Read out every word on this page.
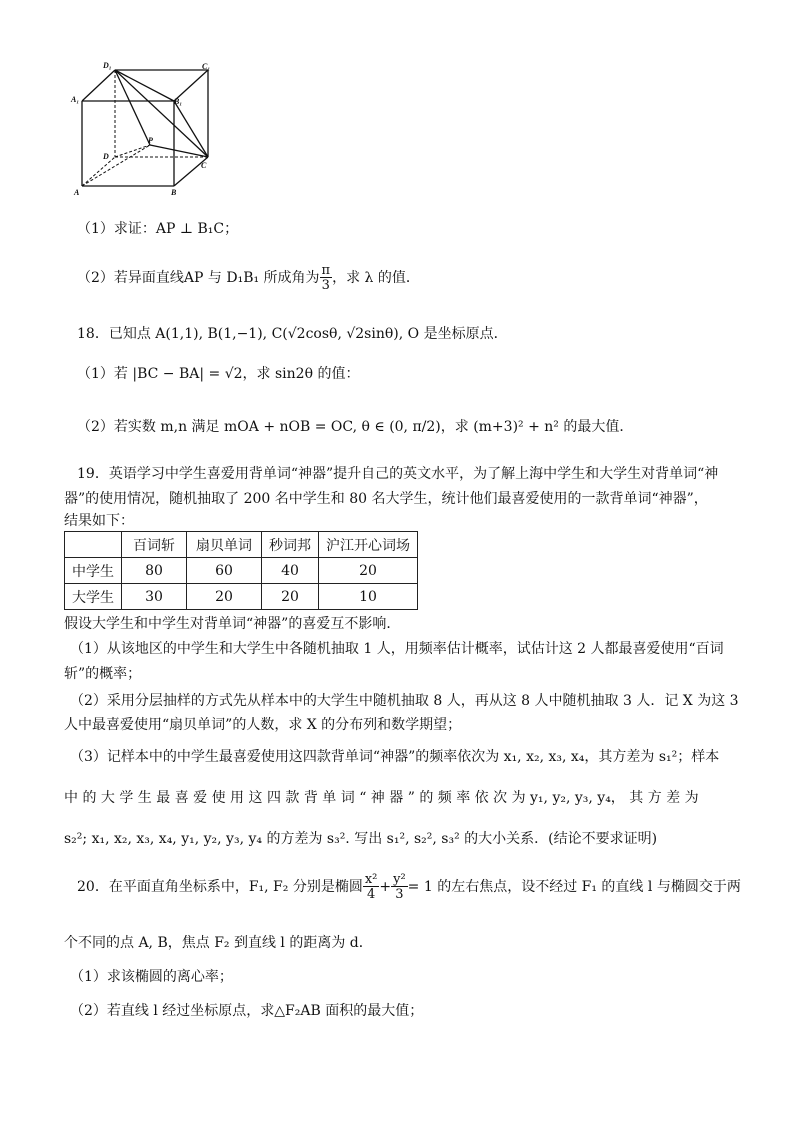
D₁	C₁
A₁	B₁
D
C
A	B
P
（1）求证：AP ⊥ B₁C；
（2）若异面直线AP 与 D₁B₁ 所成角为 $\frac{\pi}{3}$ ，求 λ 的值．
18．已知点 A(1,1), B(1,−1), C(√2cosθ, √2sinθ), O 是坐标原点．
（1）若 |BC − BA| = √2，求 sin2θ 的值：
（2）若实数 m,n 满足 mOA + nOB = OC, θ ∈ (0, π/2)，求 (m+3)² + n² 的最大值．
19．英语学习中学生喜爱用背单词“神器”提升自己的英文水平，为了解上海中学生和大学生对背单词“神
器”的使用情况，随机抽取了 200 名中学生和 80 名大学生，统计他们最喜爱使用的一款背单词“神器”，
结果如下：
	百词斩	扇贝单词	秒词邦	沪江开心词场
中学生	80	60	40	20
大学生	30	20	20	10
假设大学生和中学生对背单词“神器”的喜爱互不影响．
（1）从该地区的中学生和大学生中各随机抽取 1 人，用频率估计概率，试估计这 2 人都最喜爱使用“百词
斩”的概率；
（2）采用分层抽样的方式先从样本中的大学生中随机抽取 8 人，再从这 8 人中随机抽取 3 人．记 X 为这 3
人中最喜爱使用“扇贝单词”的人数，求 X 的分布列和数学期望；
（3）记样本中的中学生最喜爱使用这四款背单词“神器”的频率依次为 x₁, x₂, x₃, x₄，其方差为 s₁²；样本
中 的 大 学 生 最 喜 爱 使 用 这 四 款 背 单 词 “ 神 器 ” 的 频 率 依 次 为 y₁, y₂, y₃, y₄， 其 方 差 为
s₂²; x₁, x₂, x₃, x₄, y₁, y₂, y₃, y₄ 的方差为 s₃². 写出 s₁², s₂², s₃² 的大小关系．(结论不要求证明)
20．在平面直角坐标系中，F₁, F₂ 分别是椭圆 $\frac{\text{x²}}{4} + \frac{\text{y²}}{3} = 1$ 的左右焦点，设不经过 F₁ 的直线 l 与椭圆交于两
个不同的点 A, B，焦点 F₂ 到直线 l 的距离为 d．
（1）求该椭圆的离心率；
（2）若直线 l 经过坐标原点，求△F₂AB 面积的最大值；
